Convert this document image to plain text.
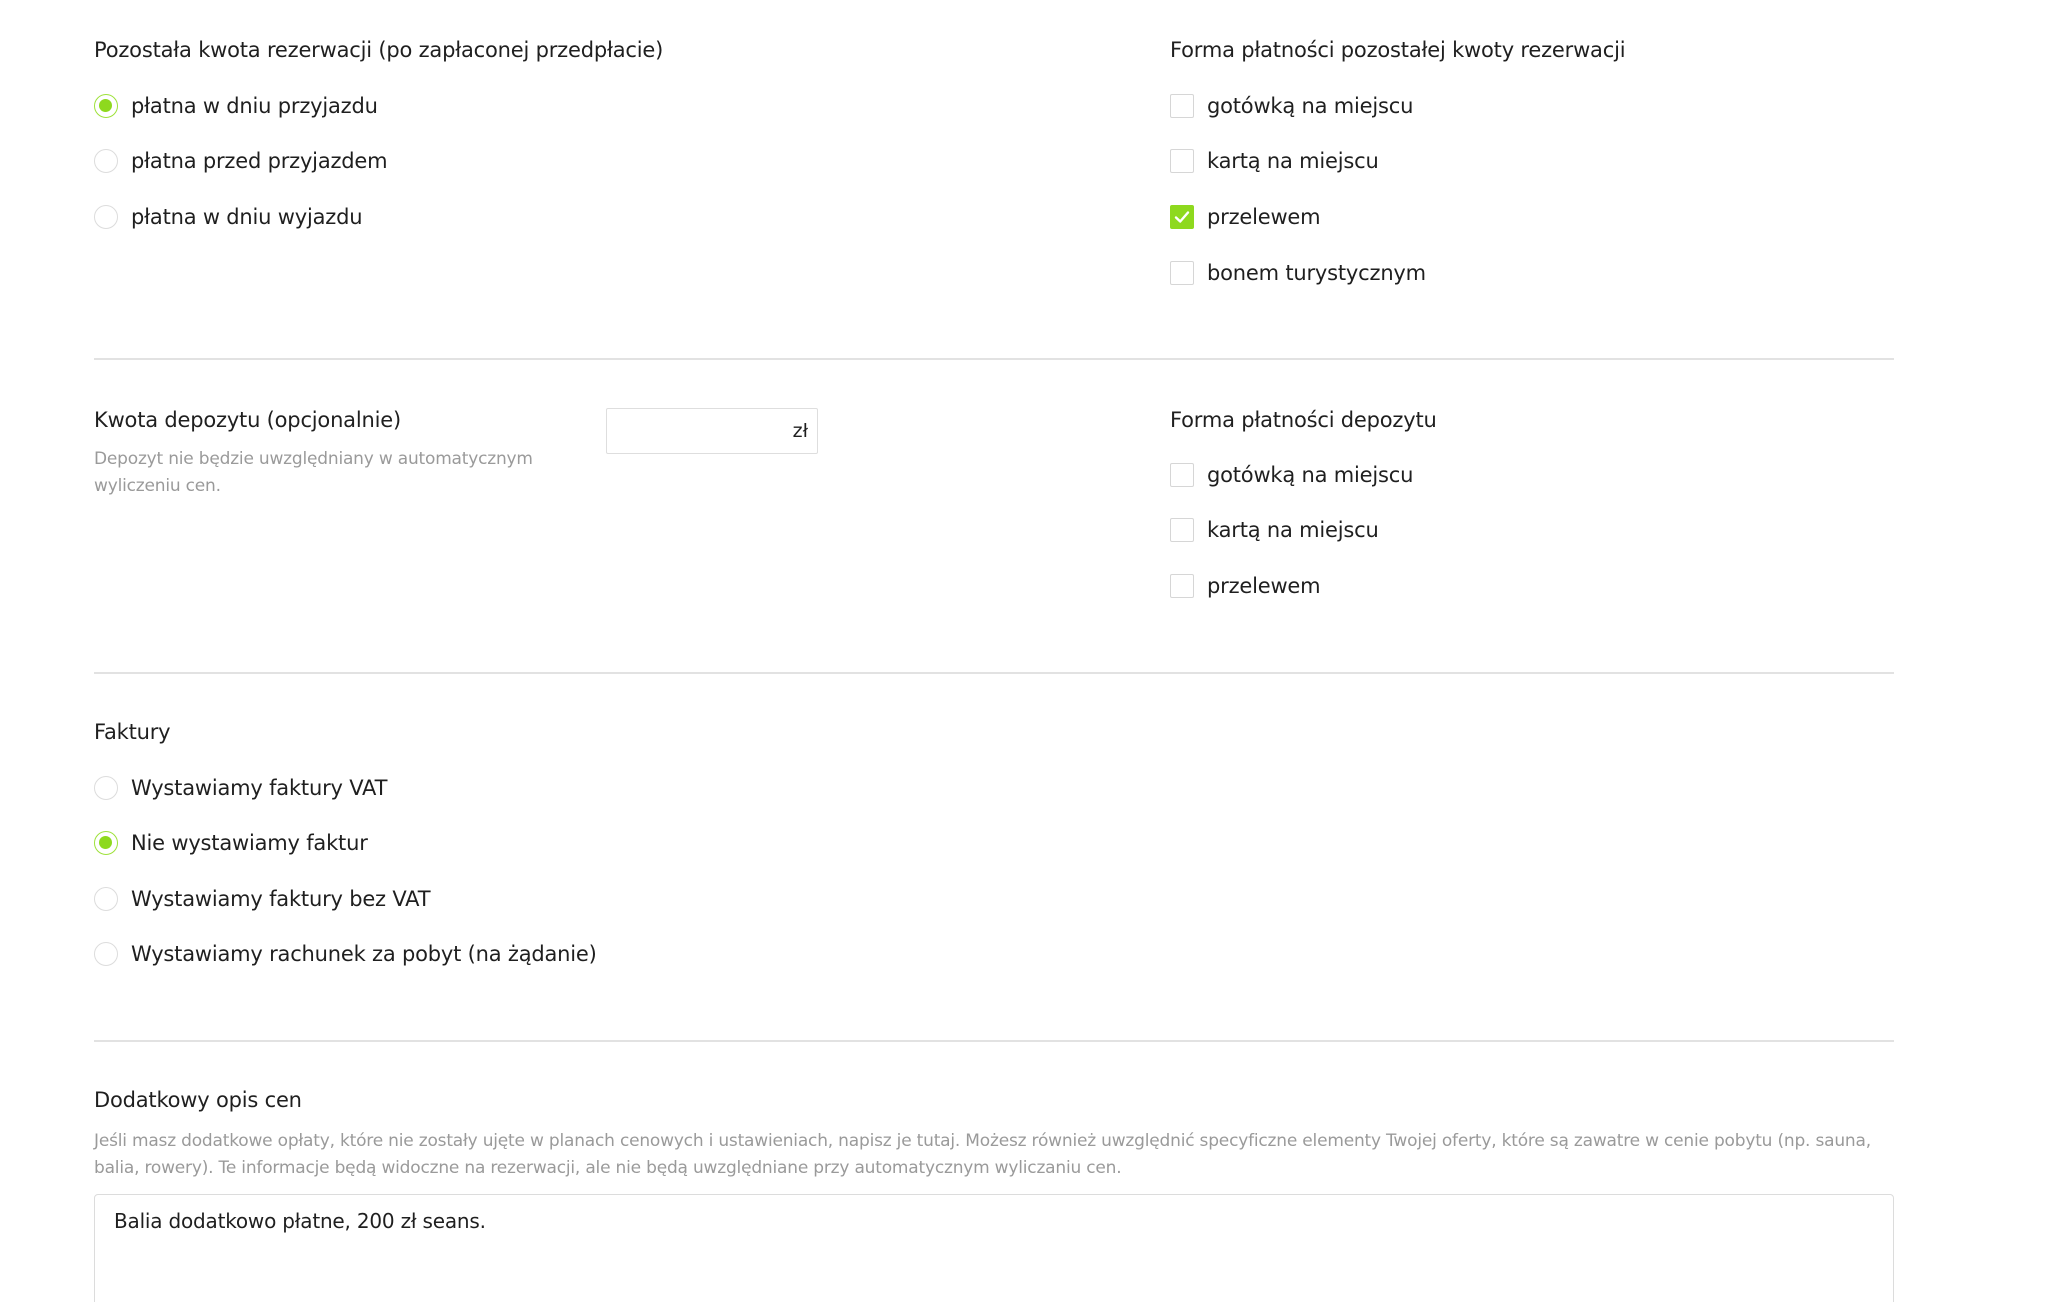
Pozostała kwota rezerwacji (po zapłaconej przedpłacie)
płatna w dniu przyjazdu
płatna przed przyjazdem
płatna w dniu wyjazdu
Forma płatności pozostałej kwoty rezerwacji
gotówką na miejscu
kartą na miejscu
przelewem
bonem turystycznym
Kwota depozytu (opcjonalnie)
Depozyt nie będzie uwzględniany w automatycznym wyliczeniu cen.
zł	Forma płatności depozytu
gotówką na miejscu
kartą na miejscu
przelewem
Faktury
Wystawiamy faktury VAT
Nie wystawiamy faktur
Wystawiamy faktury bez VAT
Wystawiamy rachunek za pobyt (na żądanie)
Dodatkowy opis cen
Jeśli masz dodatkowe opłaty, które nie zostały ujęte w planach cenowych i ustawieniach, napisz je tutaj. Możesz również uwzględnić specyficzne elementy Twojej oferty, które są zawatre w cenie pobytu (np. sauna, balia, rowery). Te informacje będą widoczne na rezerwacji, ale nie będą uwzględniane przy automatycznym wyliczaniu cen.
Balia dodatkowo płatne, 200 zł seans.
